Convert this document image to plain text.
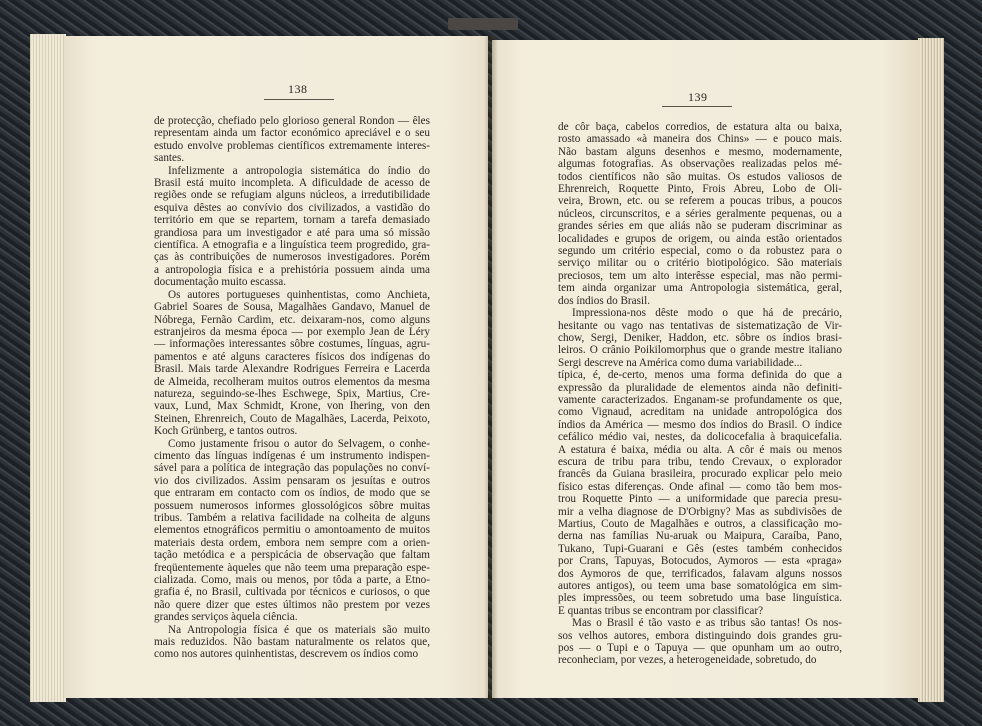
138
de protecção, chefiado pelo glorioso general Rondon — êles
representam ainda um factor económico apreciável e o seu
estudo envolve problemas científicos extremamente interes-
santes.
Infelizmente a antropologia sistemática do índio do
Brasil está muito incompleta. A dificuldade de acesso de
regiões onde se refugiam alguns núcleos, a irredutibilidade
esquiva dêstes ao convívio dos civilizados, a vastidão do
território em que se repartem, tornam a tarefa demasiado
grandiosa para um investigador e até para uma só missão
científica. A etnografia e a linguística teem progredido, gra-
ças às contribuições de numerosos investigadores. Porém
a antropologia física e a prehistória possuem ainda uma
documentação muito escassa.
Os autores portugueses quinhentistas, como Anchieta,
Gabriel Soares de Sousa, Magalhães Gandavo, Manuel de
Nóbrega, Fernão Cardim, etc. deixaram-nos, como alguns
estranjeiros da mesma época — por exemplo Jean de Léry
— informações interessantes sôbre costumes, línguas, agru-
pamentos e até alguns caracteres físicos dos indígenas do
Brasil. Mais tarde Alexandre Rodrigues Ferreira e Lacerda
de Almeida, recolheram muitos outros elementos da mesma
natureza, seguindo-se-lhes Eschwege, Spix, Martius, Cre-
vaux, Lund, Max Schmidt, Krone, von Ihering, von den
Steinen, Ehrenreich, Couto de Magalhães, Lacerda, Peixoto,
Koch Grünberg, e tantos outros.
Como justamente frisou o autor do Selvagem, o conhe-
cimento das línguas indígenas é um instrumento indispen-
sável para a política de integração das populações no conví-
vio dos civilizados. Assim pensaram os jesuítas e outros
que entraram em contacto com os índios, de modo que se
possuem numerosos informes glossológicos sôbre muitas
tribus. Também a relativa facilidade na colheita de alguns
elementos etnográficos permitiu o amontoamento de muitos
materiais desta ordem, embora nem sempre com a orien-
tação metódica e a perspicácia de observação que faltam
freqüentemente àqueles que não teem uma preparação espe-
cializada. Como, mais ou menos, por tôda a parte, a Etno-
grafia é, no Brasil, cultivada por técnicos e curiosos, o que
não quere dizer que estes últimos não prestem por vezes
grandes serviços àquela ciência.
Na Antropologia física é que os materiais são muito
mais reduzidos. Não bastam naturalmente os relatos que,
como nos autores quinhentistas, descrevem os índios como
139
de côr baça, cabelos corredios, de estatura alta ou baixa,
rosto amassado «à maneira dos Chins» — e pouco mais.
Não bastam alguns desenhos e mesmo, modernamente,
algumas fotografias. As observações realizadas pelos mé-
todos científicos não são muitas. Os estudos valiosos de
Ehrenreich, Roquette Pinto, Frois Abreu, Lobo de Oli-
veira, Brown, etc. ou se referem a poucas tribus, a poucos
núcleos, circunscritos, e a séries geralmente pequenas, ou a
grandes séries em que aliás não se puderam discriminar as
localidades e grupos de origem, ou ainda estão orientados
segundo um critério especial, como o da robustez para o
serviço militar ou o critério biotipológico. São materiais
preciosos, tem um alto interêsse especial, mas não permi-
tem ainda organizar uma Antropologia sistemática, geral,
dos índios do Brasil.
Impressiona-nos dêste modo o que há de precário,
hesitante ou vago nas tentativas de sistematização de Vir-
chow, Sergi, Deniker, Haddon, etc. sôbre os índios brasi-
leiros. O crânio Poikilomorphus que o grande mestre italiano
Sergi descreve na América como duma variabilidade...
típica, é, de-certo, menos uma forma definida do que a
expressão da pluralidade de elementos ainda não definiti-
vamente caracterizados. Enganam-se profundamente os que,
como Vignaud, acreditam na unidade antropológica dos
índios da América — mesmo dos índios do Brasil. O índice
cefálico médio vai, nestes, da dolicocefalia à braquicefalia.
A estatura é baixa, média ou alta. A côr é mais ou menos
escura de tribu para tribu, tendo Crevaux, o explorador
francês da Guiana brasileira, procurado explicar pelo meio
físico estas diferenças. Onde afinal — como tão bem mos-
trou Roquette Pinto — a uniformidade que parecia presu-
mir a velha diagnose de D'Orbigny? Mas as subdivisões de
Martius, Couto de Magalhães e outros, a classificação mo-
derna nas famílias Nu-aruak ou Maipura, Caraíba, Pano,
Tukano, Tupi-Guarani e Gês (estes também conhecidos
por Crans, Tapuyas, Botocudos, Aymoros — esta «praga»
dos Aymoros de que, terrificados, falavam alguns nossos
autores antigos), ou teem uma base somatológica em sim-
ples impressões, ou teem sobretudo uma base linguística.
E quantas tribus se encontram por classificar?
Mas o Brasil é tão vasto e as tribus são tantas! Os nos-
sos velhos autores, embora distinguindo dois grandes gru-
pos — o Tupi e o Tapuya — que opunham um ao outro,
reconheciam, por vezes, a heterogeneidade, sobretudo, do
